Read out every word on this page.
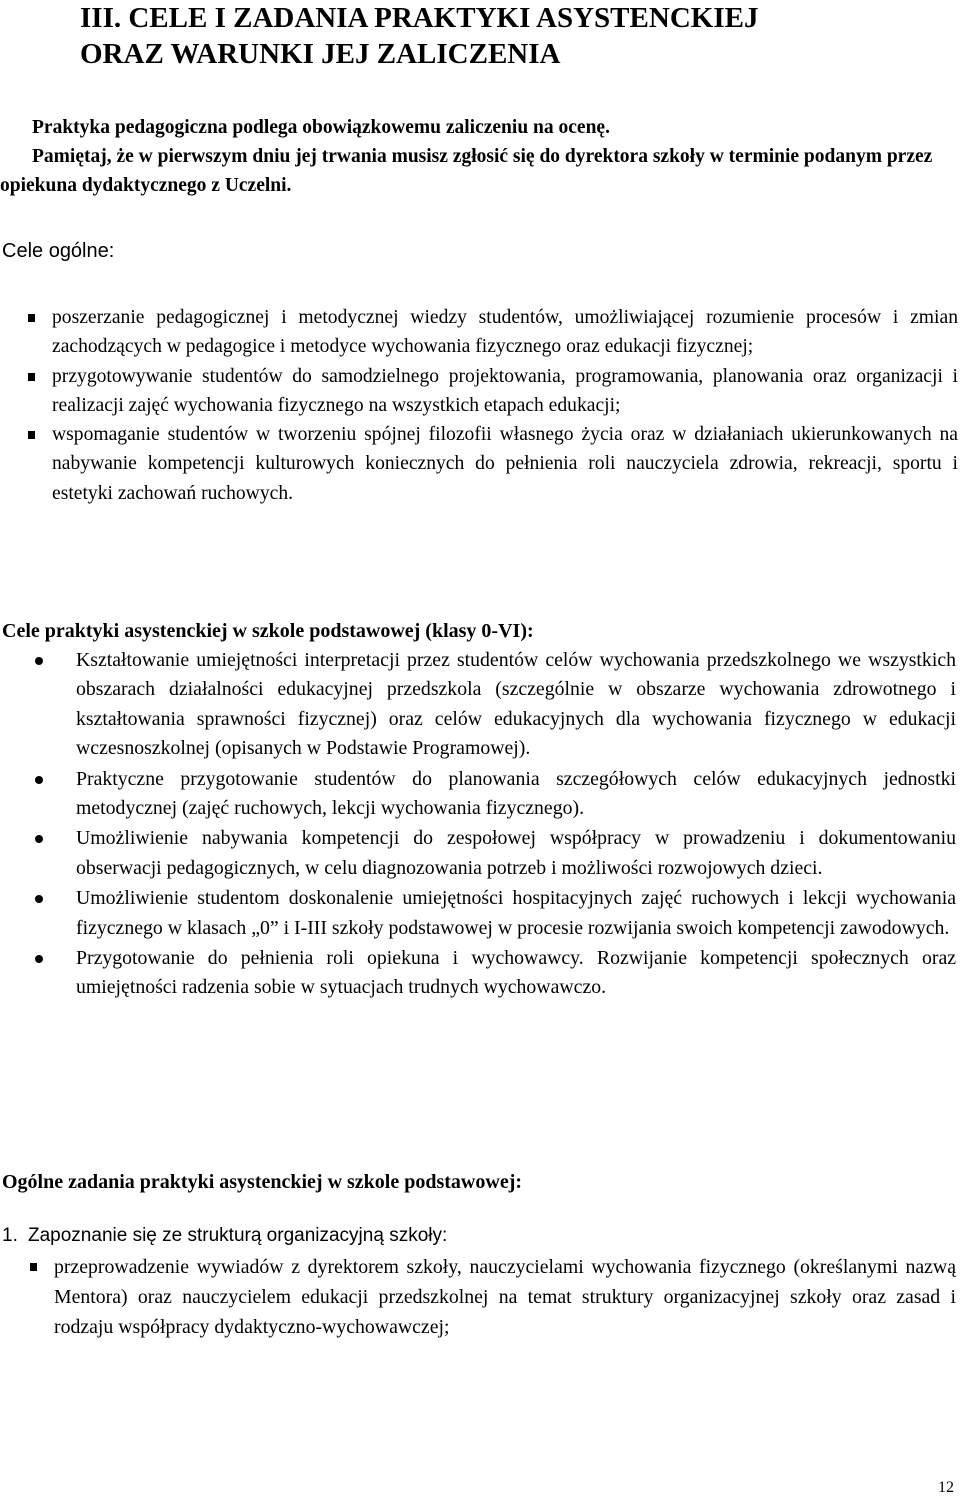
III. CELE I ZADANIA PRAKTYKI ASYSTENCKIEJ
ORAZ WARUNKI JEJ ZALICZENIA
Praktyka pedagogiczna podlega obowiązkowemu zaliczeniu na ocenę.
Pamiętaj, że w pierwszym dniu jej trwania musisz zgłosić się do dyrektora szkoły w terminie podanym przez opiekuna dydaktycznego z Uczelni.
Cele ogólne:
poszerzanie pedagogicznej i metodycznej wiedzy studentów, umożliwiającej rozumienie procesów i zmian zachodzących w pedagogice i metodyce wychowania fizycznego oraz edukacji fizycznej;
przygotowywanie studentów do samodzielnego projektowania, programowania, planowania oraz organizacji i realizacji zajęć wychowania fizycznego na wszystkich etapach edukacji;
wspomaganie studentów w tworzeniu spójnej filozofii własnego życia oraz w działaniach ukierunkowanych na nabywanie kompetencji kulturowych koniecznych do pełnienia roli nauczyciela zdrowia, rekreacji, sportu i estetyki zachowań ruchowych.
Cele praktyki asystenckiej w szkole podstawowej (klasy 0-VI):
Kształtowanie umiejętności interpretacji przez studentów celów wychowania przedszkolnego we wszystkich obszarach działalności edukacyjnej przedszkola (szczególnie w obszarze wychowania zdrowotnego i kształtowania sprawności fizycznej) oraz celów edukacyjnych dla wychowania fizycznego w edukacji wczesnoszkolnej (opisanych w Podstawie Programowej).
Praktyczne przygotowanie studentów do planowania szczegółowych celów edukacyjnych jednostki metodycznej (zajęć ruchowych, lekcji wychowania fizycznego).
Umożliwienie nabywania kompetencji do zespołowej współpracy w prowadzeniu i dokumentowaniu obserwacji pedagogicznych, w celu diagnozowania potrzeb i możliwości rozwojowych dzieci.
Umożliwienie studentom doskonalenie umiejętności hospitacyjnych zajęć ruchowych i lekcji wychowania fizycznego w klasach „0” i I-III szkoły podstawowej w procesie rozwijania swoich kompetencji zawodowych.
Przygotowanie do pełnienia roli opiekuna i wychowawcy. Rozwijanie kompetencji społecznych oraz umiejętności radzenia sobie w sytuacjach trudnych wychowawczo.
Ogólne zadania praktyki asystenckiej w szkole podstawowej:
1. Zapoznanie się ze strukturą organizacyjną szkoły:
przeprowadzenie wywiadów z dyrektorem szkoły, nauczycielami wychowania fizycznego (określanymi nazwą Mentora) oraz nauczycielem edukacji przedszkolnej na temat struktury organizacyjnej szkoły oraz zasad i rodzaju współpracy dydaktyczno-wychowawczej;
12
